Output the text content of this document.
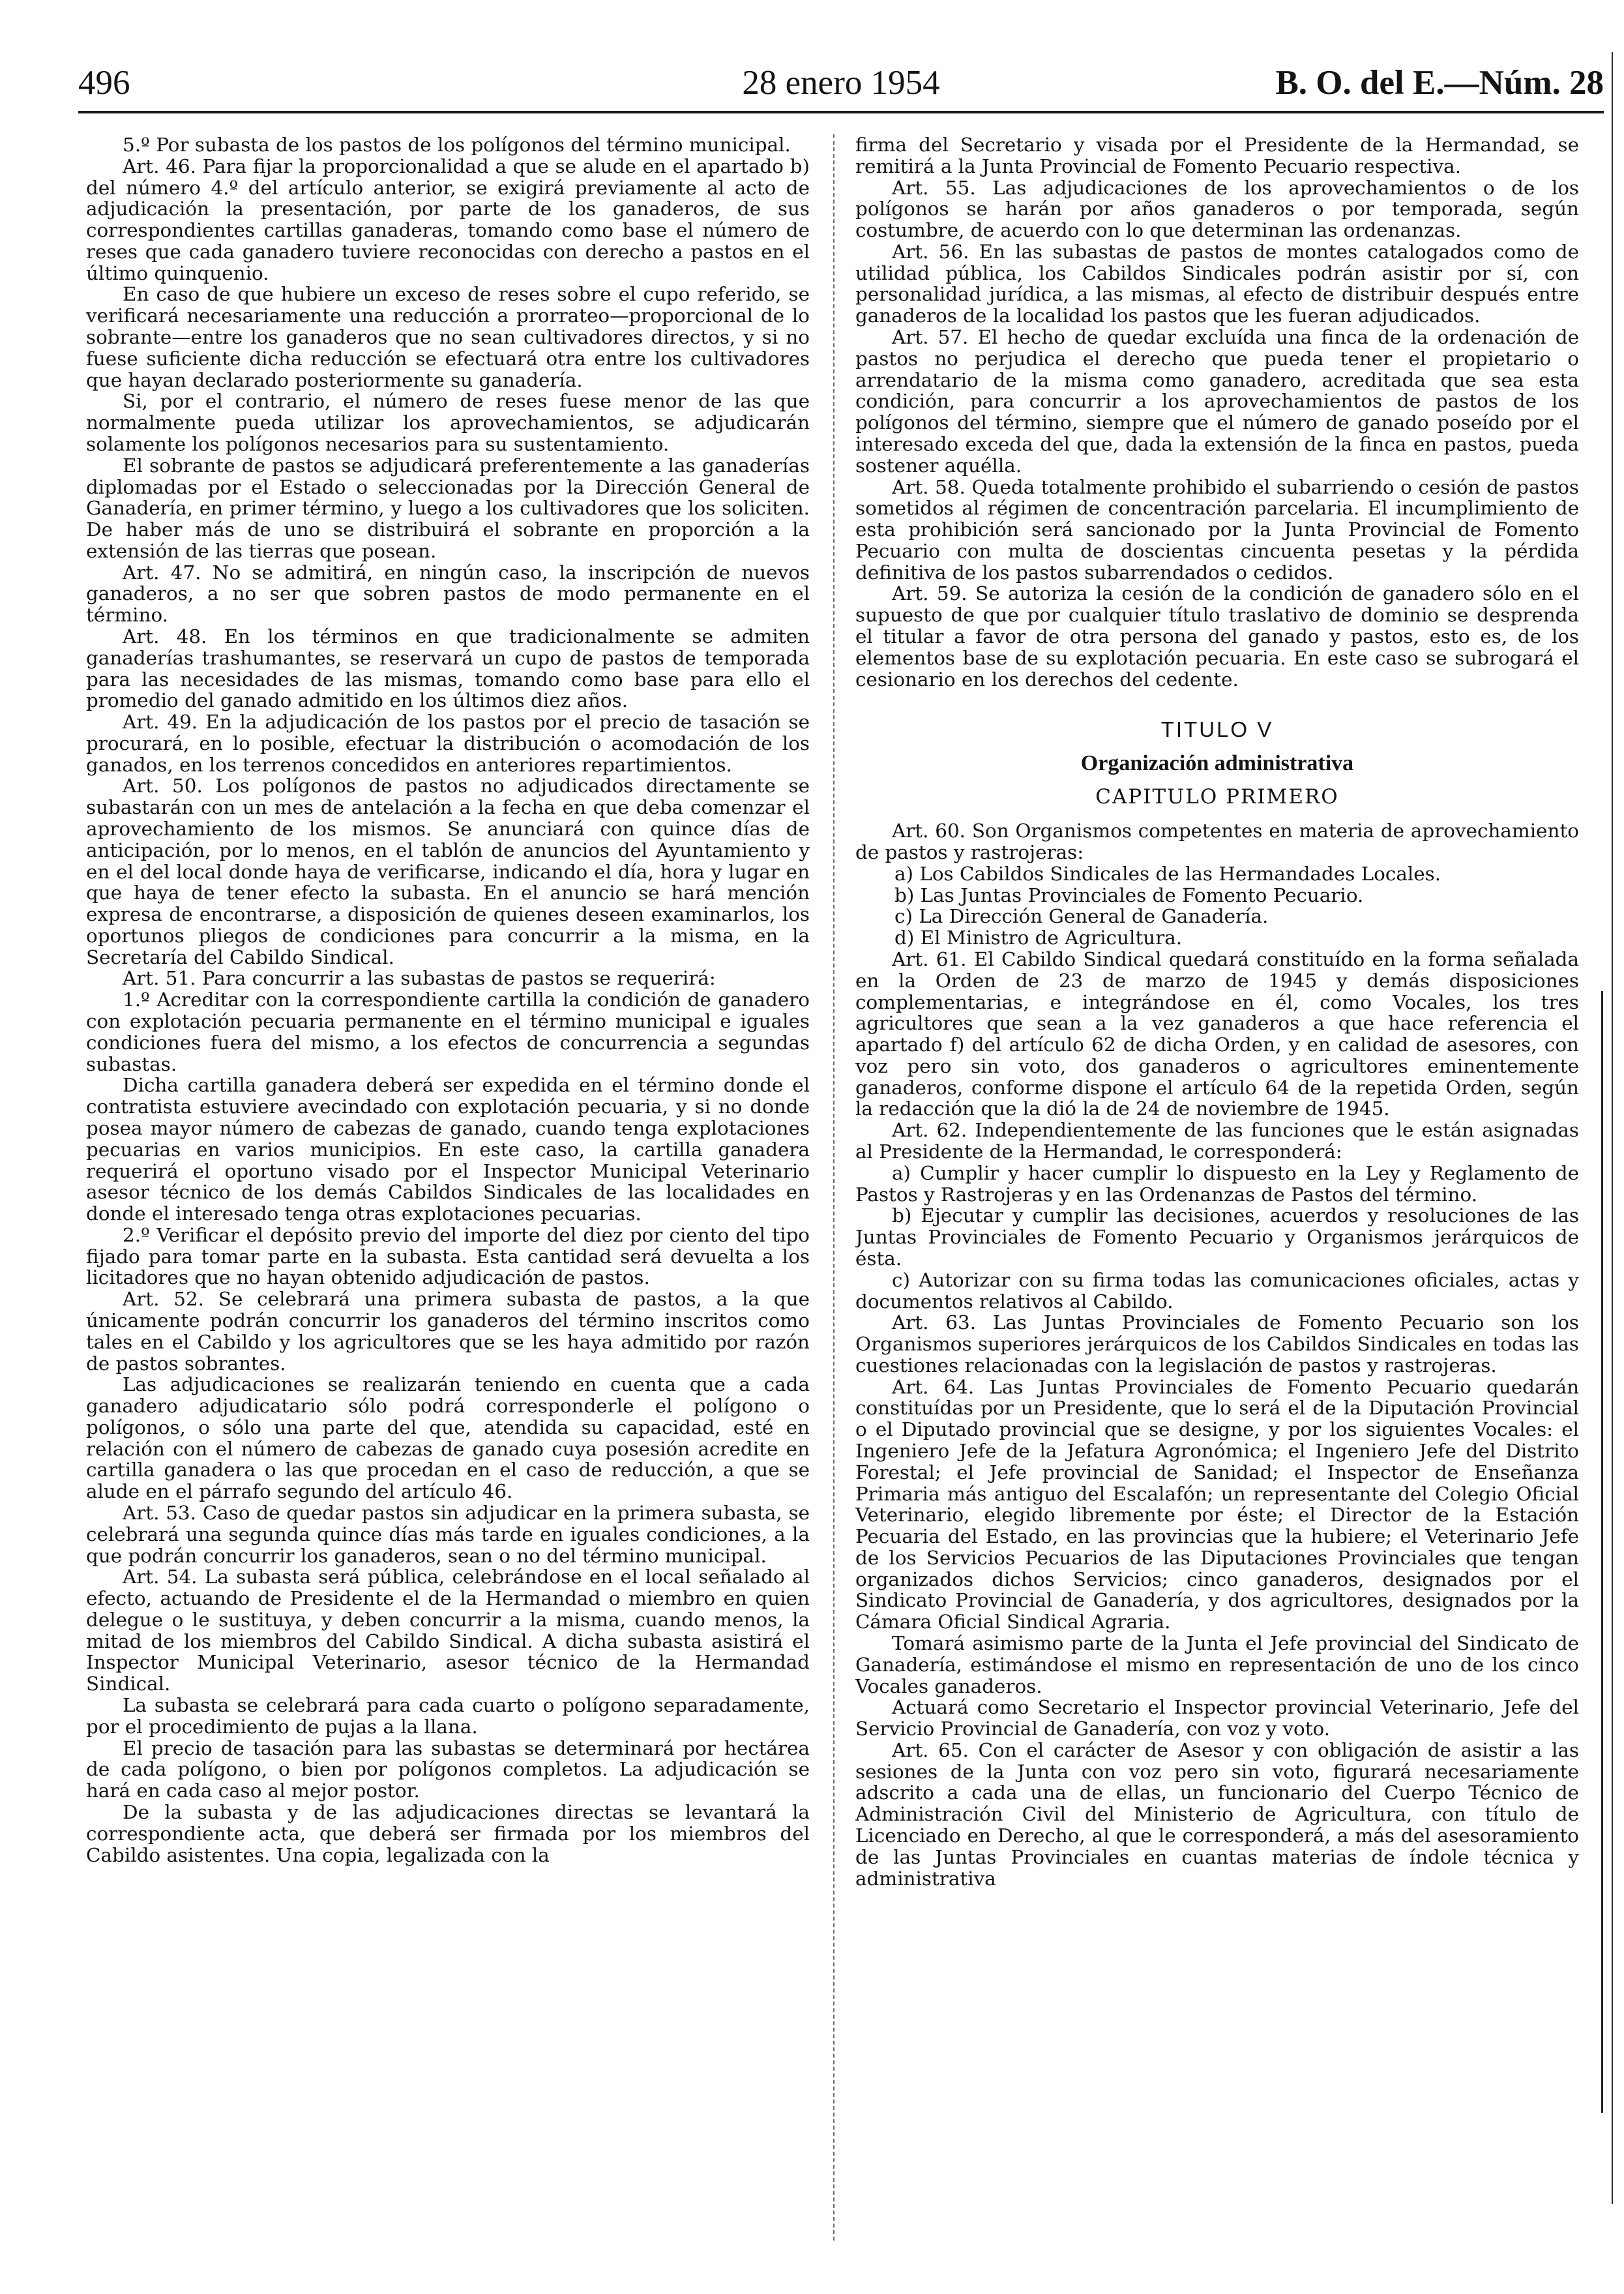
496	28 enero 1954	B. O. del E.—Núm. 28

5.º Por subasta de los pastos de los polígonos del término municipal.

Art. 46. Para fijar la proporcionalidad a que se alude en el apartado b) del número 4.º del artículo anterior, se exigirá previamente al acto de adjudicación la presentación, por parte de los ganaderos, de sus correspondientes cartillas ganaderas, tomando como base el número de reses que cada ganadero tuviere reconocidas con derecho a pastos en el último quinquenio.

En caso de que hubiere un exceso de reses sobre el cupo referido, se verificará necesariamente una reducción a prorrateo—proporcional de lo sobrante—entre los ganaderos que no sean cultivadores directos, y si no fuese suficiente dicha reducción se efectuará otra entre los cultivadores que hayan declarado posteriormente su ganadería.

Si, por el contrario, el número de reses fuese menor de las que normalmente pueda utilizar los aprovechamientos, se adjudicarán solamente los polígonos necesarios para su sustentamiento.

El sobrante de pastos se adjudicará preferentemente a las ganaderías diplomadas por el Estado o seleccionadas por la Dirección General de Ganadería, en primer término, y luego a los cultivadores que los soliciten. De haber más de uno se distribuirá el sobrante en proporción a la extensión de las tierras que posean.

Art. 47. No se admitirá, en ningún caso, la inscripción de nuevos ganaderos, a no ser que sobren pastos de modo permanente en el término.

Art. 48. En los términos en que tradicionalmente se admiten ganaderías trashumantes, se reservará un cupo de pastos de temporada para las necesidades de las mismas, tomando como base para ello el promedio del ganado admitido en los últimos diez años.

Art. 49. En la adjudicación de los pastos por el precio de tasación se procurará, en lo posible, efectuar la distribución o acomodación de los ganados, en los terrenos concedidos en anteriores repartimientos.

Art. 50. Los polígonos de pastos no adjudicados directamente se subastarán con un mes de antelación a la fecha en que deba comenzar el aprovechamiento de los mismos. Se anunciará con quince días de anticipación, por lo menos, en el tablón de anuncios del Ayuntamiento y en el del local donde haya de verificarse, indicando el día, hora y lugar en que haya de tener efecto la subasta. En el anuncio se hará mención expresa de encontrarse, a disposición de quienes deseen examinarlos, los oportunos pliegos de condiciones para concurrir a la misma, en la Secretaría del Cabildo Sindical.

Art. 51. Para concurrir a las subastas de pastos se requerirá:

1.º Acreditar con la correspondiente cartilla la condición de ganadero con explotación pecuaria permanente en el término municipal e iguales condiciones fuera del mismo, a los efectos de concurrencia a segundas subastas.

Dicha cartilla ganadera deberá ser expedida en el término donde el contratista estuviere avecindado con explotación pecuaria, y si no donde posea mayor número de cabezas de ganado, cuando tenga explotaciones pecuarias en varios municipios. En este caso, la cartilla ganadera requerirá el oportuno visado por el Inspector Municipal Veterinario asesor técnico de los demás Cabildos Sindicales de las localidades en donde el interesado tenga otras explotaciones pecuarias.

2.º Verificar el depósito previo del importe del diez por ciento del tipo fijado para tomar parte en la subasta. Esta cantidad será devuelta a los licitadores que no hayan obtenido adjudicación de pastos.

Art. 52. Se celebrará una primera subasta de pastos, a la que únicamente podrán concurrir los ganaderos del término inscritos como tales en el Cabildo y los agricultores que se les haya admitido por razón de pastos sobrantes.

Las adjudicaciones se realizarán teniendo en cuenta que a cada ganadero adjudicatario sólo podrá corresponderle el polígono o polígonos, o sólo una parte del que, atendida su capacidad, esté en relación con el número de cabezas de ganado cuya posesión acredite en cartilla ganadera o las que procedan en el caso de reducción, a que se alude en el párrafo segundo del artículo 46.

Art. 53. Caso de quedar pastos sin adjudicar en la primera subasta, se celebrará una segunda quince días más tarde en iguales condiciones, a la que podrán concurrir los ganaderos, sean o no del término municipal.

Art. 54. La subasta será pública, celebrándose en el local señalado al efecto, actuando de Presidente el de la Hermandad o miembro en quien delegue o le sustituya, y deben concurrir a la misma, cuando menos, la mitad de los miembros del Cabildo Sindical. A dicha subasta asistirá el Inspector Municipal Veterinario, asesor técnico de la Hermandad Sindical.

La subasta se celebrará para cada cuarto o polígono separadamente, por el procedimiento de pujas a la llana.

El precio de tasación para las subastas se determinará por hectárea de cada polígono, o bien por polígonos completos. La adjudicación se hará en cada caso al mejor postor.

De la subasta y de las adjudicaciones directas se levantará la correspondiente acta, que deberá ser firmada por los miembros del Cabildo asistentes. Una copia, legalizada con la

firma del Secretario y visada por el Presidente de la Hermandad, se remitirá a la Junta Provincial de Fomento Pecuario respectiva.

Art. 55. Las adjudicaciones de los aprovechamientos o de los polígonos se harán por años ganaderos o por temporada, según costumbre, de acuerdo con lo que determinan las ordenanzas.

Art. 56. En las subastas de pastos de montes catalogados como de utilidad pública, los Cabildos Sindicales podrán asistir por sí, con personalidad jurídica, a las mismas, al efecto de distribuir después entre ganaderos de la localidad los pastos que les fueran adjudicados.

Art. 57. El hecho de quedar excluída una finca de la ordenación de pastos no perjudica el derecho que pueda tener el propietario o arrendatario de la misma como ganadero, acreditada que sea esta condición, para concurrir a los aprovechamientos de pastos de los polígonos del término, siempre que el número de ganado poseído por el interesado exceda del que, dada la extensión de la finca en pastos, pueda sostener aquélla.

Art. 58. Queda totalmente prohibido el subarriendo o cesión de pastos sometidos al régimen de concentración parcelaria. El incumplimiento de esta prohibición será sancionado por la Junta Provincial de Fomento Pecuario con multa de doscientas cincuenta pesetas y la pérdida definitiva de los pastos subarrendados o cedidos.

Art. 59. Se autoriza la cesión de la condición de ganadero sólo en el supuesto de que por cualquier título traslativo de dominio se desprenda el titular a favor de otra persona del ganado y pastos, esto es, de los elementos base de su explotación pecuaria. En este caso se subrogará el cesionario en los derechos del cedente.

TITULO V
Organización administrativa
CAPITULO PRIMERO

Art. 60. Son Organismos competentes en materia de aprovechamiento de pastos y rastrojeras:

a) Los Cabildos Sindicales de las Hermandades Locales.

b) Las Juntas Provinciales de Fomento Pecuario.

c) La Dirección General de Ganadería.

d) El Ministro de Agricultura.

Art. 61. El Cabildo Sindical quedará constituído en la forma señalada en la Orden de 23 de marzo de 1945 y demás disposiciones complementarias, e integrándose en él, como Vocales, los tres agricultores que sean a la vez ganaderos a que hace referencia el apartado f) del artículo 62 de dicha Orden, y en calidad de asesores, con voz pero sin voto, dos ganaderos o agricultores eminentemente ganaderos, conforme dispone el artículo 64 de la repetida Orden, según la redacción que la dió la de 24 de noviembre de 1945.

Art. 62. Independientemente de las funciones que le están asignadas al Presidente de la Hermandad, le corresponderá:

a) Cumplir y hacer cumplir lo dispuesto en la Ley y Reglamento de Pastos y Rastrojeras y en las Ordenanzas de Pastos del término.

b) Ejecutar y cumplir las decisiones, acuerdos y resoluciones de las Juntas Provinciales de Fomento Pecuario y Organismos jerárquicos de ésta.

c) Autorizar con su firma todas las comunicaciones oficiales, actas y documentos relativos al Cabildo.

Art. 63. Las Juntas Provinciales de Fomento Pecuario son los Organismos superiores jerárquicos de los Cabildos Sindicales en todas las cuestiones relacionadas con la legislación de pastos y rastrojeras.

Art. 64. Las Juntas Provinciales de Fomento Pecuario quedarán constituídas por un Presidente, que lo será el de la Diputación Provincial o el Diputado provincial que se designe, y por los siguientes Vocales: el Ingeniero Jefe de la Jefatura Agronómica; el Ingeniero Jefe del Distrito Forestal; el Jefe provincial de Sanidad; el Inspector de Enseñanza Primaria más antiguo del Escalafón; un representante del Colegio Oficial Veterinario, elegido libremente por éste; el Director de la Estación Pecuaria del Estado, en las provincias que la hubiere; el Veterinario Jefe de los Servicios Pecuarios de las Diputaciones Provinciales que tengan organizados dichos Servicios; cinco ganaderos, designados por el Sindicato Provincial de Ganadería, y dos agricultores, designados por la Cámara Oficial Sindical Agraria.

Tomará asimismo parte de la Junta el Jefe provincial del Sindicato de Ganadería, estimándose el mismo en representación de uno de los cinco Vocales ganaderos.

Actuará como Secretario el Inspector provincial Veterinario, Jefe del Servicio Provincial de Ganadería, con voz y voto.

Art. 65. Con el carácter de Asesor y con obligación de asistir a las sesiones de la Junta con voz pero sin voto, figurará necesariamente adscrito a cada una de ellas, un funcionario del Cuerpo Técnico de Administración Civil del Ministerio de Agricultura, con título de Licenciado en Derecho, al que le corresponderá, a más del asesoramiento de las Juntas Provinciales en cuantas materias de índole técnica y administrativa
